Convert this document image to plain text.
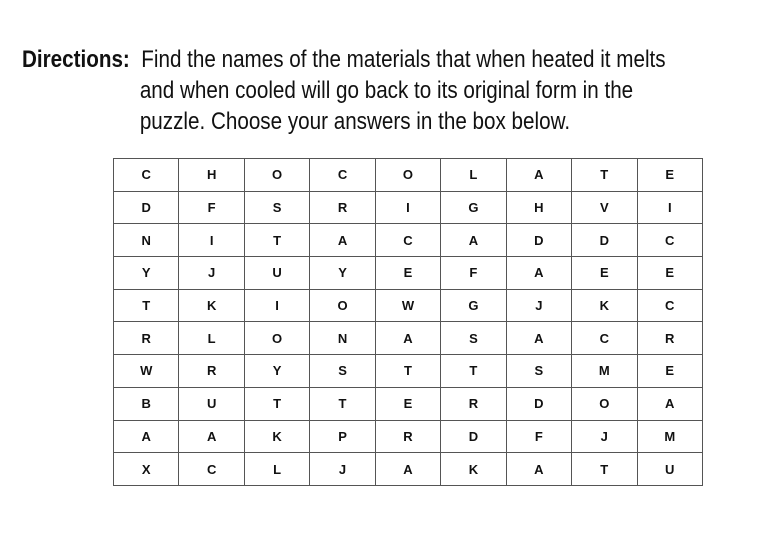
Directions: Find the names of the materials that when heated it melts
and when cooled will go back to its original form in the
puzzle. Choose your answers in the box below.
C	H	O	C	O	L	A	T	E
D	F	S	R	I	G	H	V	I
N	I	T	A	C	A	D	D	C
Y	J	U	Y	E	F	A	E	E
T	K	I	O	W	G	J	K	C
R	L	O	N	A	S	A	C	R
W	R	Y	S	T	T	S	M	E
B	U	T	T	E	R	D	O	A
A	A	K	P	R	D	F	J	M
X	C	L	J	A	K	A	T	U
